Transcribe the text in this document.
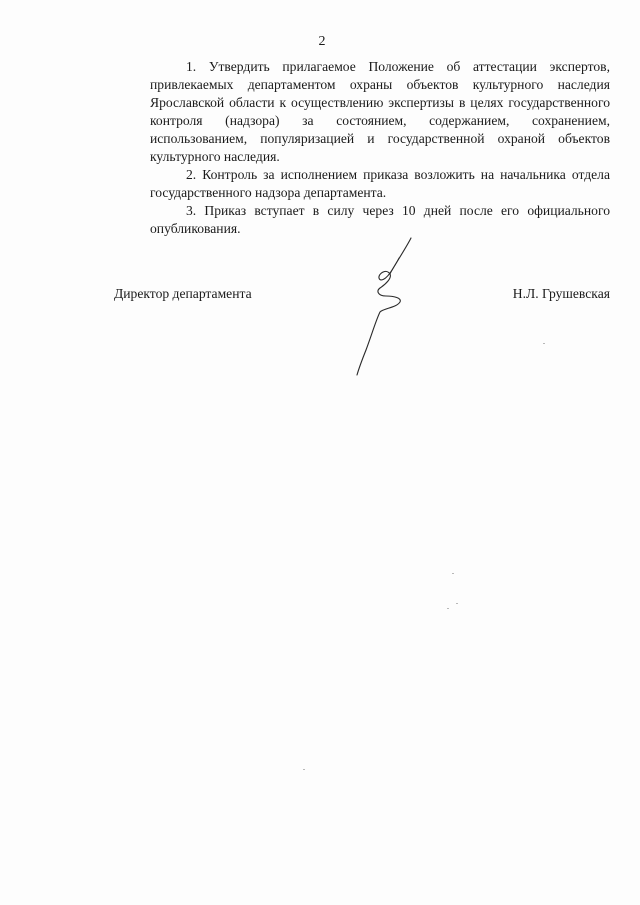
2
1. Утвердить прилагаемое Положение об аттестации экспертов,
привлекаемых департаментом охраны объектов культурного наследия
Ярославской области к осуществлению экспертизы в целях государственного
контроля (надзора) за состоянием, содержанием, сохранением,
использованием, популяризацией и государственной охраной объектов
культурного наследия.
2. Контроль за исполнением приказа возложить на начальника отдела
государственного надзора департамента.
3. Приказ вступает в силу через 10 дней после его официального
опубликования.
Директор департамента	Н.Л. Грушевская
